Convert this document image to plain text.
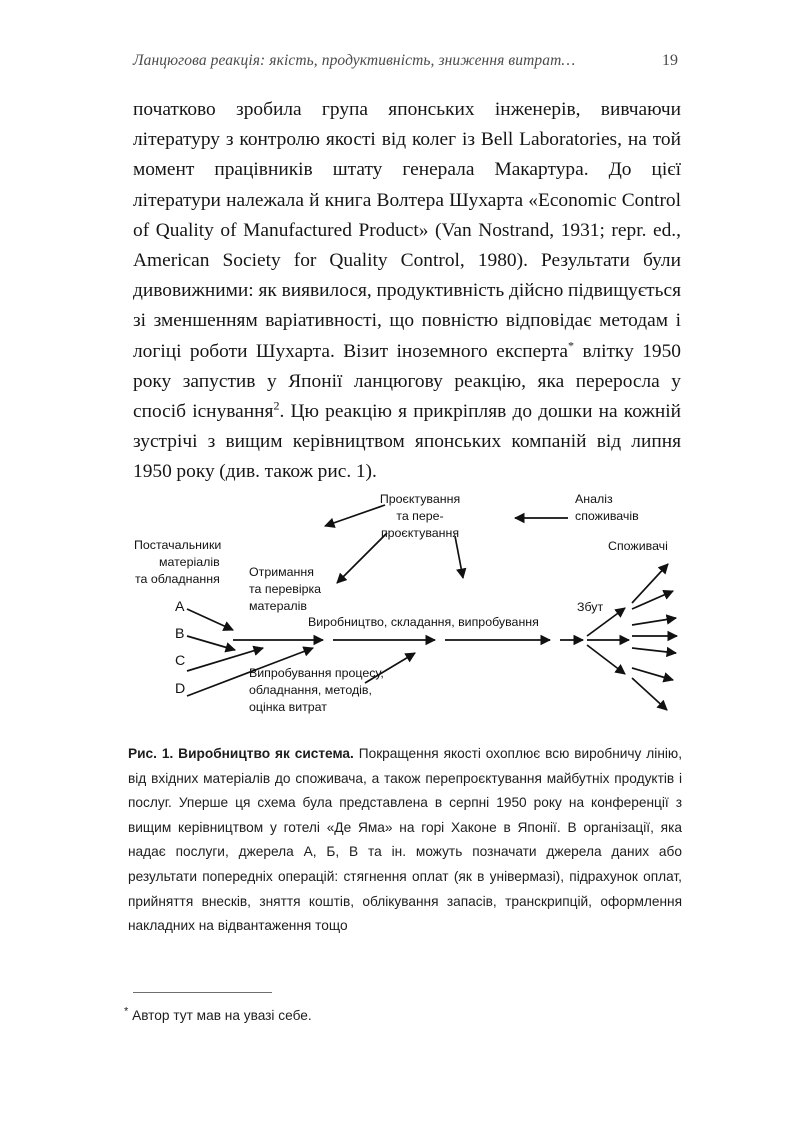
Ланцюгова реакція: якість, продуктивність, зниження витрат…	19

початково зробила група японських інженерів, вивчаючи літературу з контролю якості від колег із Bell Laboratories, на той момент працівників штату генерала Макартура. До цієї літератури належала й книга Волтера Шухарта «Economic Control of Quality of Manufactured Product» (Van Nostrand, 1931; repr. ed., American Society for Quality Control, 1980). Результати були дивовижними: як виявилося, продуктивність дійсно підвищується зі зменшенням варіативності, що повністю відповідає методам і логіці роботи Шухарта. Візит іноземного експерта* влітку 1950 року запустив у Японії ланцюгову реакцію, яка переросла у спосіб існування$^2$. Цю реакцію я прикріпляв до дошки на кожній зустрічі з вищим керівництвом японських компаній від липня 1950 року (див. також рис. 1).

Постачальники
матеріалів
та обладнання
A
B
C
D
Отримання
та перевірка
матералів
Проєктування
та пере-
проєктування
Аналіз
споживачів
Виробництво, складання, випробування
Випробування процесу,
обладнання, методів,
оцінка витрат
Збут
Споживачі
Рис. 1. Виробництво як система. Покращення якості охоплює всю виробничу лінію, від вхідних матеріалів до споживача, а також перепроєктування майбутніх продуктів і послуг. Уперше ця схема була представлена в серпні 1950 року на конференції з вищим керівництвом у готелі «Де Яма» на горі Хаконе в Японії. В організації, яка надає послуги, джерела А, Б, В та ін. можуть позначати джерела даних або результати попередніх операцій: стягнення оплат (як в універмазі), підрахунок оплат, прийняття внесків, зняття коштів, облікування запасів, транскрипцій, оформлення накладних на відвантаження тощо
* Автор тут мав на увазі себе.
